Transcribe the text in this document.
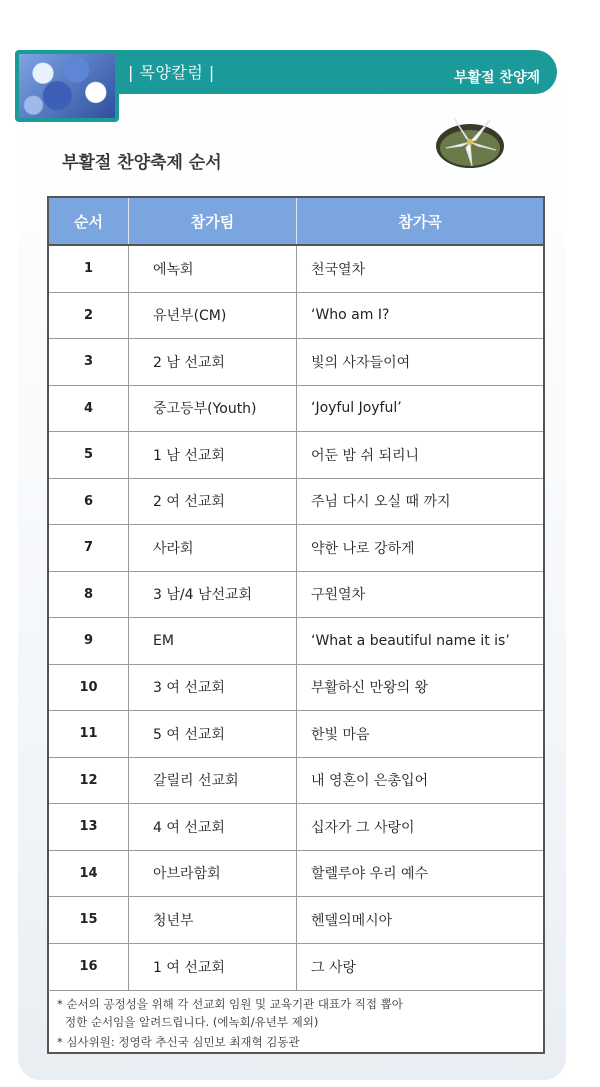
| 목양칼럼 |	부활절 찬양제
부활절 찬양축제 순서
순서	참가팀	참가곡
1	에녹회	천국열차
2	유년부(CM)	‘Who am I?
3	2 남 선교회	빛의 사자들이여
4	중고등부(Youth)	‘Joyful Joyful’
5	1 남 선교회	어둔 밤 쉬 되리니
6	2 여 선교회	주님 다시 오실 때 까지
7	사라회	약한 나로 강하게
8	3 남/4 남선교회	구원열차
9	EM	‘What a beautiful name it is’
10	3 여 선교회	부활하신 만왕의 왕
11	5 여 선교회	한빛 마음
12	갈릴리 선교회	내 영혼이 은총입어
13	4 여 선교회	십자가 그 사랑이
14	아브라함회	할렐루야 우리 예수
15	청년부	헨델의메시아
16	1 여 선교회	그 사랑
* 순서의 공정성을 위해 각 선교회 임원 및 교육기관 대표가 직접 뽑아
정한 순서임을 알려드립니다. (에녹회/유년부 제외)
* 심사위원: 정영락 추신국 심민보 최재혁 김동관
